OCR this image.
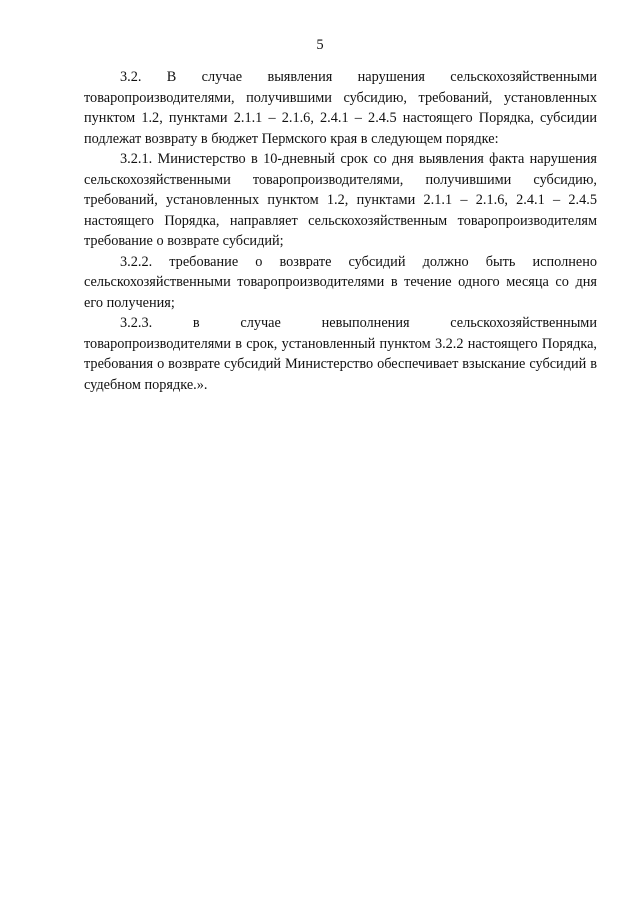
5

3.2. В случае выявления нарушения сельскохозяйственными товаропроизводителями, получившими субсидию, требований, установленных пунктом 1.2, пунктами 2.1.1 – 2.1.6, 2.4.1 – 2.4.5 настоящего Порядка, субсидии подлежат возврату в бюджет Пермского края в следующем порядке:

3.2.1. Министерство в 10-дневный срок со дня выявления факта нарушения сельскохозяйственными товаропроизводителями, получившими субсидию, требований, установленных пунктом 1.2, пунктами 2.1.1 – 2.1.6, 2.4.1 – 2.4.5 настоящего Порядка, направляет сельскохозяйственным товаропроизводителям требование о возврате субсидий;

3.2.2. требование о возврате субсидий должно быть исполнено сельскохозяйственными товаропроизводителями в течение одного месяца со дня его получения;

3.2.3. в случае невыполнения сельскохозяйственными товаропроизводителями в срок, установленный пунктом 3.2.2 настоящего Порядка, требования о возврате субсидий Министерство обеспечивает взыскание субсидий в судебном порядке.».
